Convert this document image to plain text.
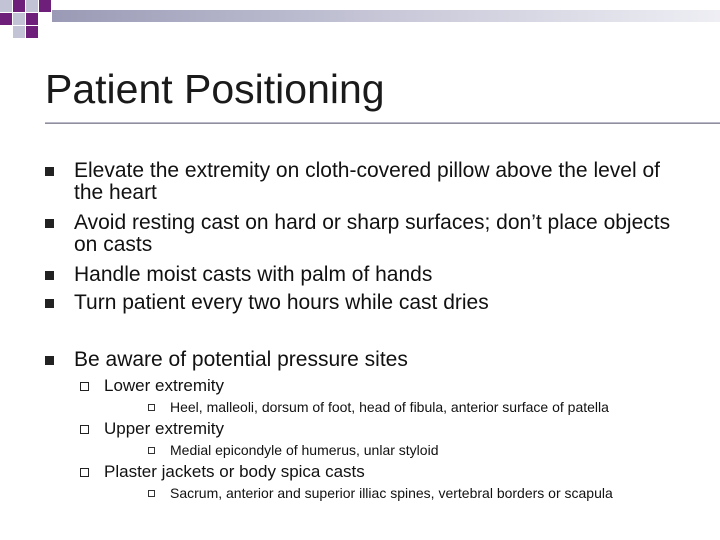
Patient Positioning
Elevate the extremity on cloth-covered pillow above the level of the heart
Avoid resting cast on hard or sharp surfaces; don’t place objects on casts
Handle moist casts with palm of hands
Turn patient every two hours while cast dries
Be aware of potential pressure sites
Lower extremity
Heel, malleoli, dorsum of foot, head of fibula, anterior surface of patella
Upper extremity
Medial epicondyle of humerus, unlar styloid
Plaster jackets or body spica casts
Sacrum, anterior and superior illiac spines, vertebral borders or scapula
